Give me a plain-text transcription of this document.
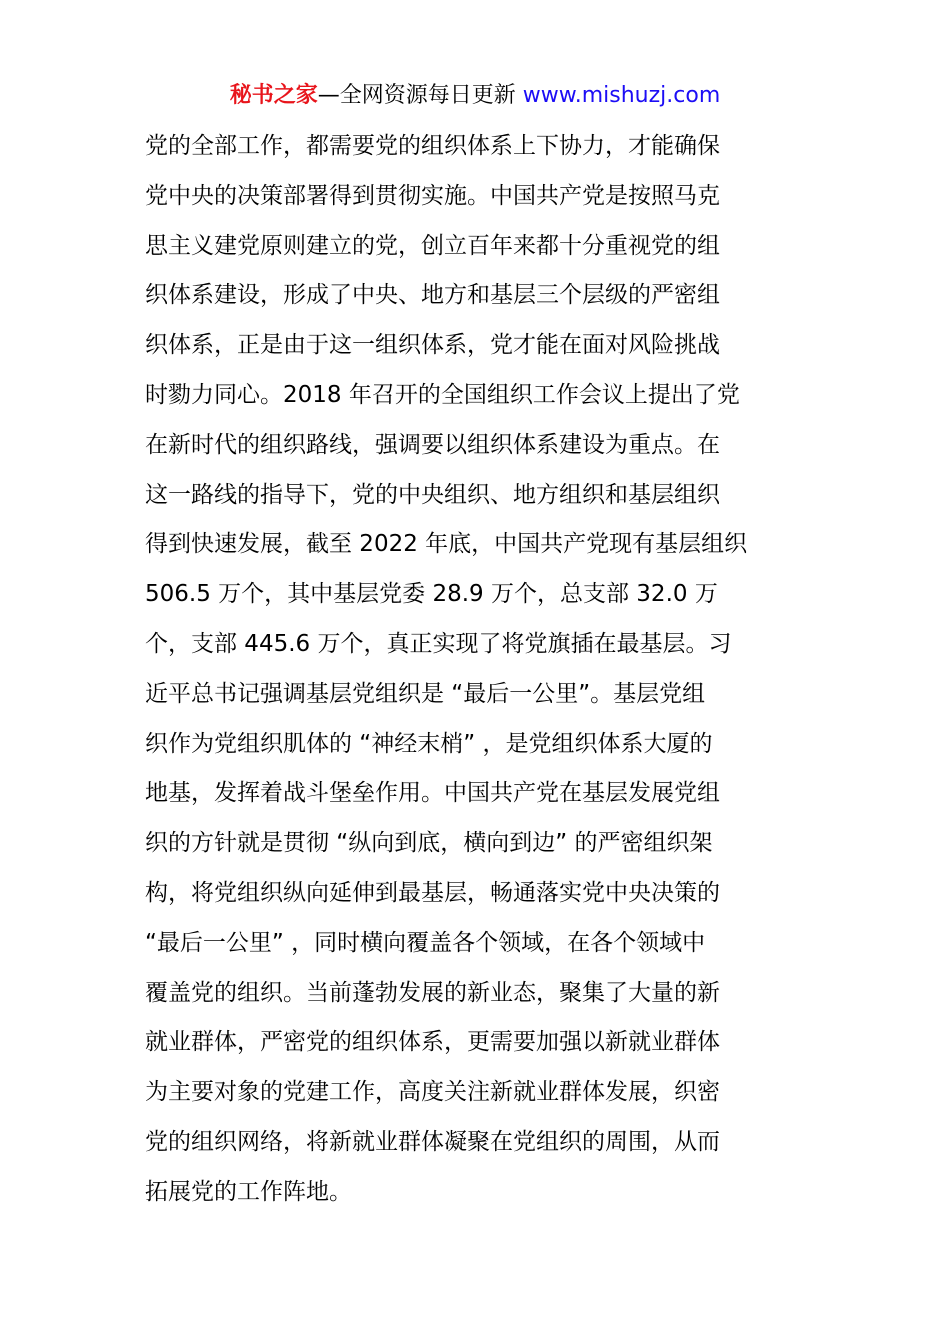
秘书之家—全网资源每日更新 www.mishuzj.com
党的全部工作，都需要党的组织体系上下协力，才能确保
党中央的决策部署得到贯彻实施。中国共产党是按照马克
思主义建党原则建立的党，创立百年来都十分重视党的组
织体系建设，形成了中央、地方和基层三个层级的严密组
织体系，正是由于这一组织体系，党才能在面对风险挑战
时勠力同心。2018 年召开的全国组织工作会议上提出了党
在新时代的组织路线，强调要以组织体系建设为重点。在
这一路线的指导下，党的中央组织、地方组织和基层组织
得到快速发展，截至 2022 年底，中国共产党现有基层组织
506.5 万个，其中基层党委 28.9 万个，总支部 32.0 万
个，支部 445.6 万个，真正实现了将党旗插在最基层。习
近平总书记强调基层党组织是 “最后一公里”。基层党组
织作为党组织肌体的 “神经末梢” ，是党组织体系大厦的
地基，发挥着战斗堡垒作用。中国共产党在基层发展党组
织的方针就是贯彻 “纵向到底，横向到边” 的严密组织架
构，将党组织纵向延伸到最基层，畅通落实党中央决策的
“最后一公里” ，同时横向覆盖各个领域，在各个领域中
覆盖党的组织。当前蓬勃发展的新业态，聚集了大量的新
就业群体，严密党的组织体系，更需要加强以新就业群体
为主要对象的党建工作，高度关注新就业群体发展，织密
党的组织网络，将新就业群体凝聚在党组织的周围，从而
拓展党的工作阵地。
